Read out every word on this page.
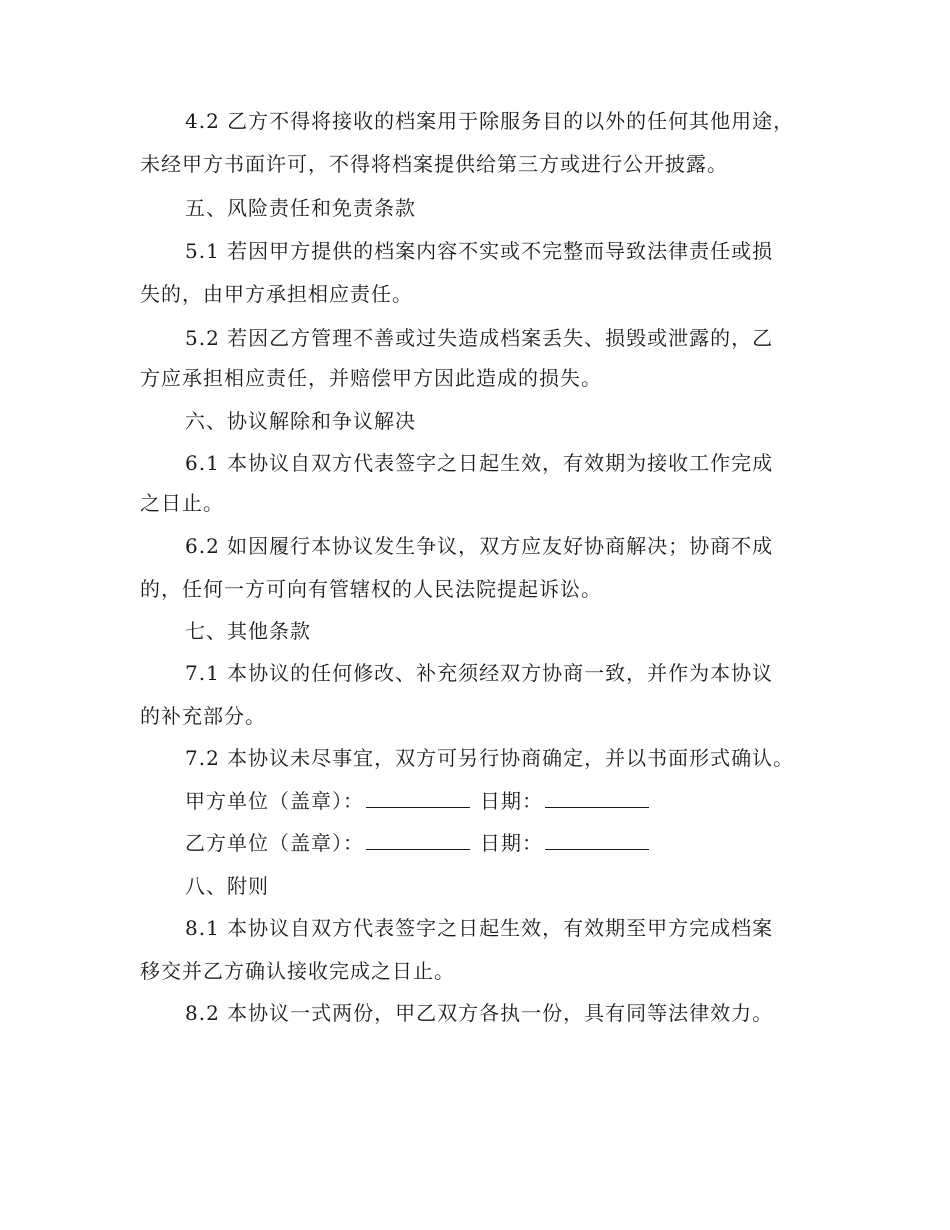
4.2 乙方不得将接收的档案用于除服务目的以外的任何其他用途，
未经甲方书面许可，不得将档案提供给第三方或进行公开披露。
五、风险责任和免责条款
5.1 若因甲方提供的档案内容不实或不完整而导致法律责任或损
失的，由甲方承担相应责任。
5.2 若因乙方管理不善或过失造成档案丢失、损毁或泄露的，乙
方应承担相应责任，并赔偿甲方因此造成的损失。
六、协议解除和争议解决
6.1 本协议自双方代表签字之日起生效，有效期为接收工作完成
之日止。
6.2 如因履行本协议发生争议，双方应友好协商解决；协商不成
的，任何一方可向有管辖权的人民法院提起诉讼。
七、其他条款
7.1 本协议的任何修改、补充须经双方协商一致，并作为本协议
的补充部分。
7.2 本协议未尽事宜，双方可另行协商确定，并以书面形式确认。
甲方单位（盖章）：	日期：
乙方单位（盖章）：	日期：
八、附则
8.1 本协议自双方代表签字之日起生效，有效期至甲方完成档案
移交并乙方确认接收完成之日止。
8.2 本协议一式两份，甲乙双方各执一份，具有同等法律效力。
